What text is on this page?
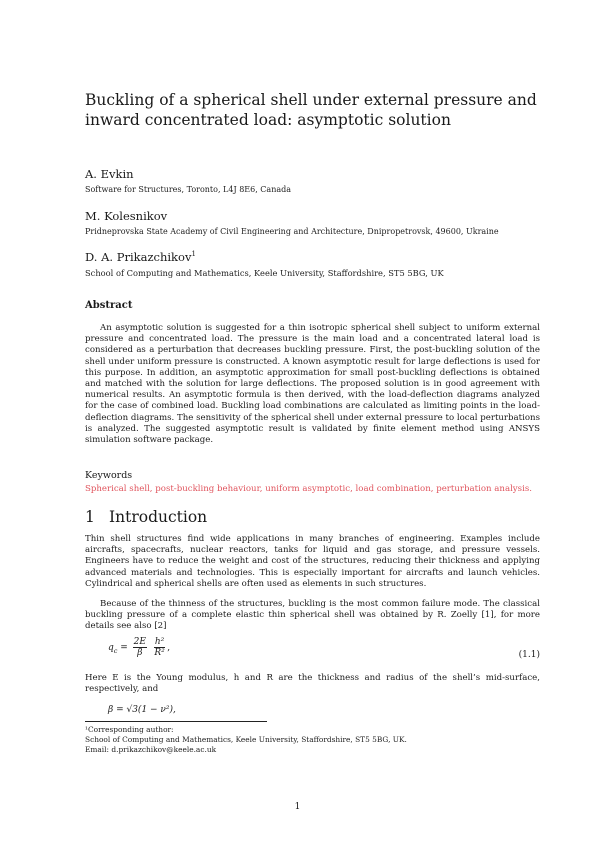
Buckling of a spherical shell under external pressure and inward concentrated load: asymptotic solution
A. Evkin
Software for Structures, Toronto, L4J 8E6, Canada
M. Kolesnikov
Pridneprovska State Academy of Civil Engineering and Architecture, Dnipropetrovsk, 49600, Ukraine
D. A. Prikazchikov$^1$
School of Computing and Mathematics, Keele University, Staffordshire, ST5 5BG, UK
Abstract

An asymptotic solution is suggested for a thin isotropic spherical shell subject to uniform external pressure and concentrated load. The pressure is the main load and a concentrated lateral load is considered as a perturbation that decreases buckling pressure. First, the post-buckling solution of the shell under uniform pressure is constructed. A known asymptotic result for large deflections is used for this purpose. In addition, an asymptotic approximation for small post-buckling deflections is obtained and matched with the solution for large deflections. The proposed solution is in good agreement with numerical results. An asymptotic formula is then derived, with the load-deflection diagrams analyzed for the case of combined load. Buckling load combinations are calculated as limiting points in the load-deflection diagrams. The sensitivity of the spherical shell under external pressure to local perturbations is analyzed. The suggested asymptotic result is validated by finite element method using ANSYS simulation software package.

Keywords
Spherical shell, post-buckling behaviour, uniform asymptotic, load combination, perturbation analysis.
1 Introduction

Thin shell structures find wide applications in many branches of engineering. Examples include aircrafts, spacecrafts, nuclear reactors, tanks for liquid and gas storage, and pressure vessels. Engineers have to reduce the weight and cost of the structures, reducing their thickness and applying advanced materials and technologies. This is especially important for aircrafts and launch vehicles. Cylindrical and spherical shells are often used as elements in such structures.

Because of the thinness of the structures, buckling is the most common failure mode. The classical buckling pressure of a complete elastic thin spherical shell was obtained by R. Zoelly [1], for more details see also [2]

$q_c = \frac{2E}{\beta}$
$\frac{\text{h²}}{\text{R²}}$ ,
(1.1)

Here E is the Young modulus, h and R are the thickness and radius of the shell’s mid-surface, respectively, and

β = √3(1 − ν²),
¹Corresponding author:
School of Computing and Mathematics, Keele University, Staffordshire, ST5 5BG, UK.
Email: d.prikazchikov@keele.ac.uk
1
